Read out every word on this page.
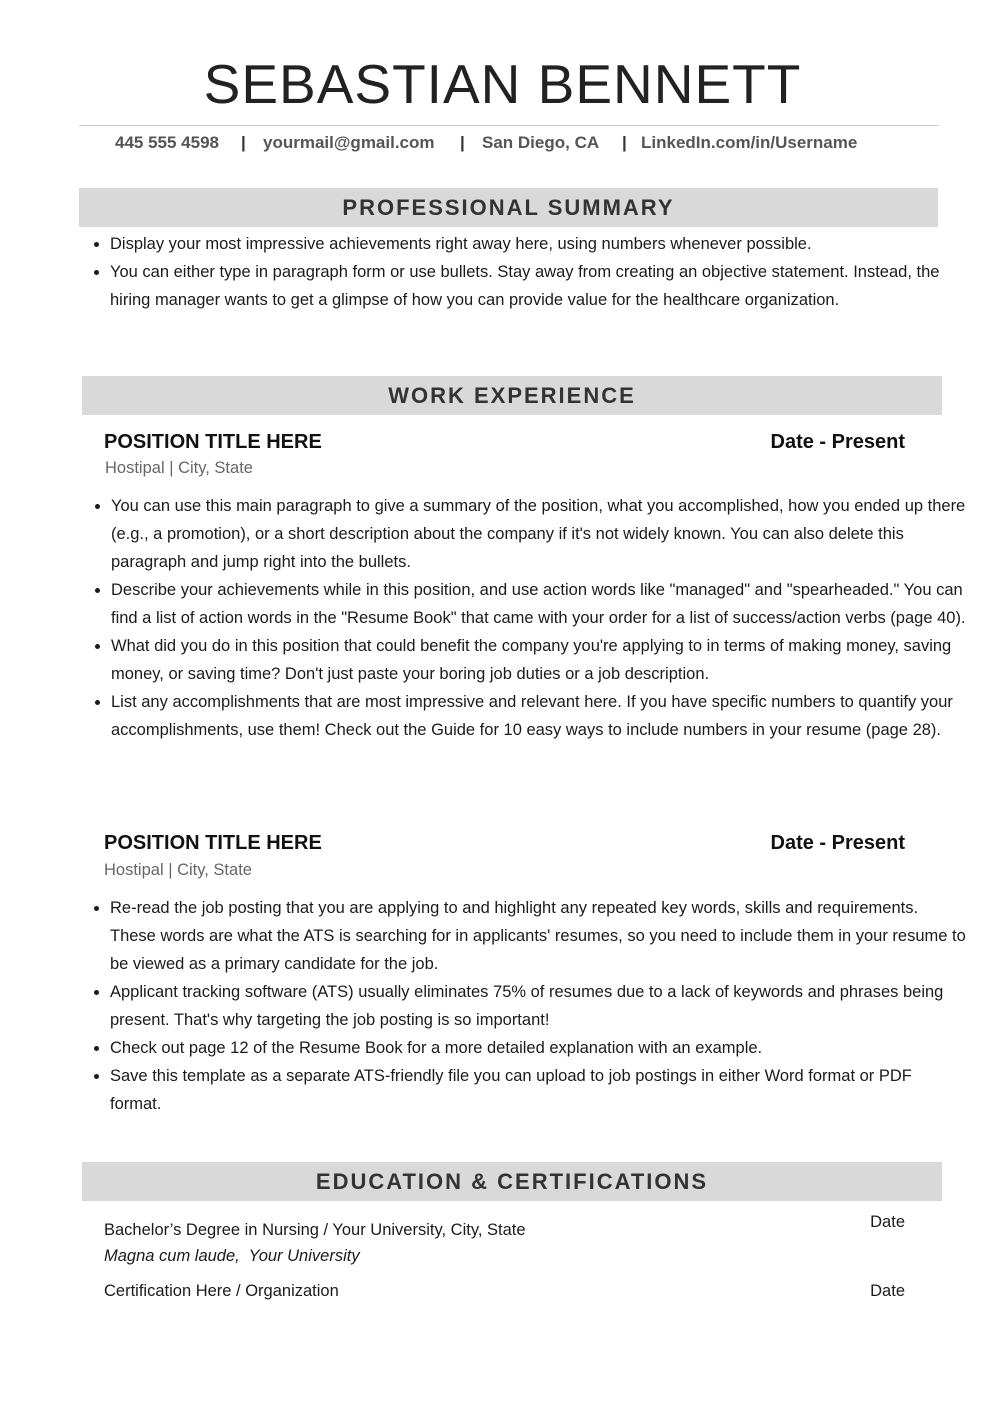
SEBASTIAN BENNETT
445 555 4598 | yourmail@gmail.com | San Diego, CA | LinkedIn.com/in/Username
PROFESSIONAL SUMMARY
• Display your most impressive achievements right away here, using numbers whenever possible.
• You can either type in paragraph form or use bullets. Stay away from creating an objective statement. Instead, the hiring manager wants to get a glimpse of how you can provide value for the healthcare organization.
WORK EXPERIENCE
POSITION TITLE HERE	Date - Present
Hostipal | City, State
• You can use this main paragraph to give a summary of the position, what you accomplished, how you ended up there (e.g., a promotion), or a short description about the company if it's not widely known. You can also delete this paragraph and jump right into the bullets.
• Describe your achievements while in this position, and use action words like "managed" and "spearheaded." You can find a list of action words in the "Resume Book" that came with your order for a list of success/action verbs (page 40).
• What did you do in this position that could benefit the company you're applying to in terms of making money, saving money, or saving time? Don't just paste your boring job duties or a job description.
• List any accomplishments that are most impressive and relevant here. If you have specific numbers to quantify your accomplishments, use them! Check out the Guide for 10 easy ways to include numbers in your resume (page 28).
POSITION TITLE HERE	Date - Present
Hostipal | City, State
• Re-read the job posting that you are applying to and highlight any repeated key words, skills and requirements. These words are what the ATS is searching for in applicants' resumes, so you need to include them in your resume to be viewed as a primary candidate for the job.
• Applicant tracking software (ATS) usually eliminates 75% of resumes due to a lack of keywords and phrases being present. That's why targeting the job posting is so important!
• Check out page 12 of the Resume Book for a more detailed explanation with an example.
• Save this template as a separate ATS-friendly file you can upload to job postings in either Word format or PDF format.
EDUCATION & CERTIFICATIONS
Bachelor’s Degree in Nursing / Your University, City, State	Date
Magna cum laude,  Your University
Certification Here / Organization	Date
